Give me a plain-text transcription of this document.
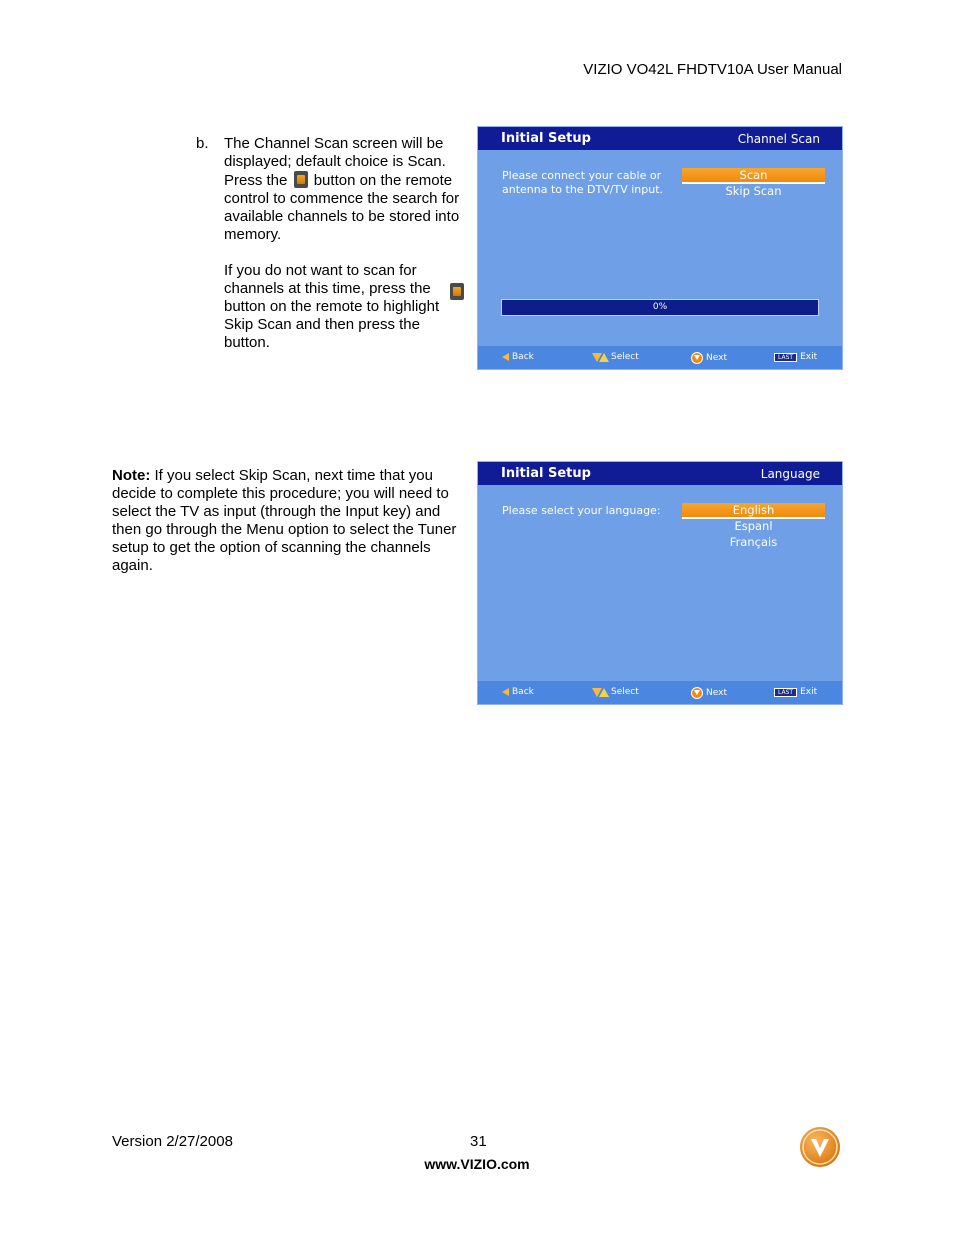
VIZIO VO42L FHDTV10A User Manual
b. The Channel Scan screen will be displayed; default choice is Scan. Press the button on the remote control to commence the search for available channels to be stored into memory.

If you do not want to scan for channels at this time, press the button on the remote to highlight Skip Scan and then press the button.

Initial Setup	Channel Scan
Please connect your cable or antenna to the DTV/TV input.
Scan
Skip Scan
0%
Back	Select	Next	LAST Exit
Note: If you select Skip Scan, next time that you decide to complete this procedure; you will need to select the TV as input (through the Input key) and then go through the Menu option to select the Tuner setup to get the option of scanning the channels again.
Initial Setup	Language
Please select your language:	English
Espanl
Français
Back	Select	Next	LAST Exit
Version 2/27/2008	31
www.VIZIO.com
